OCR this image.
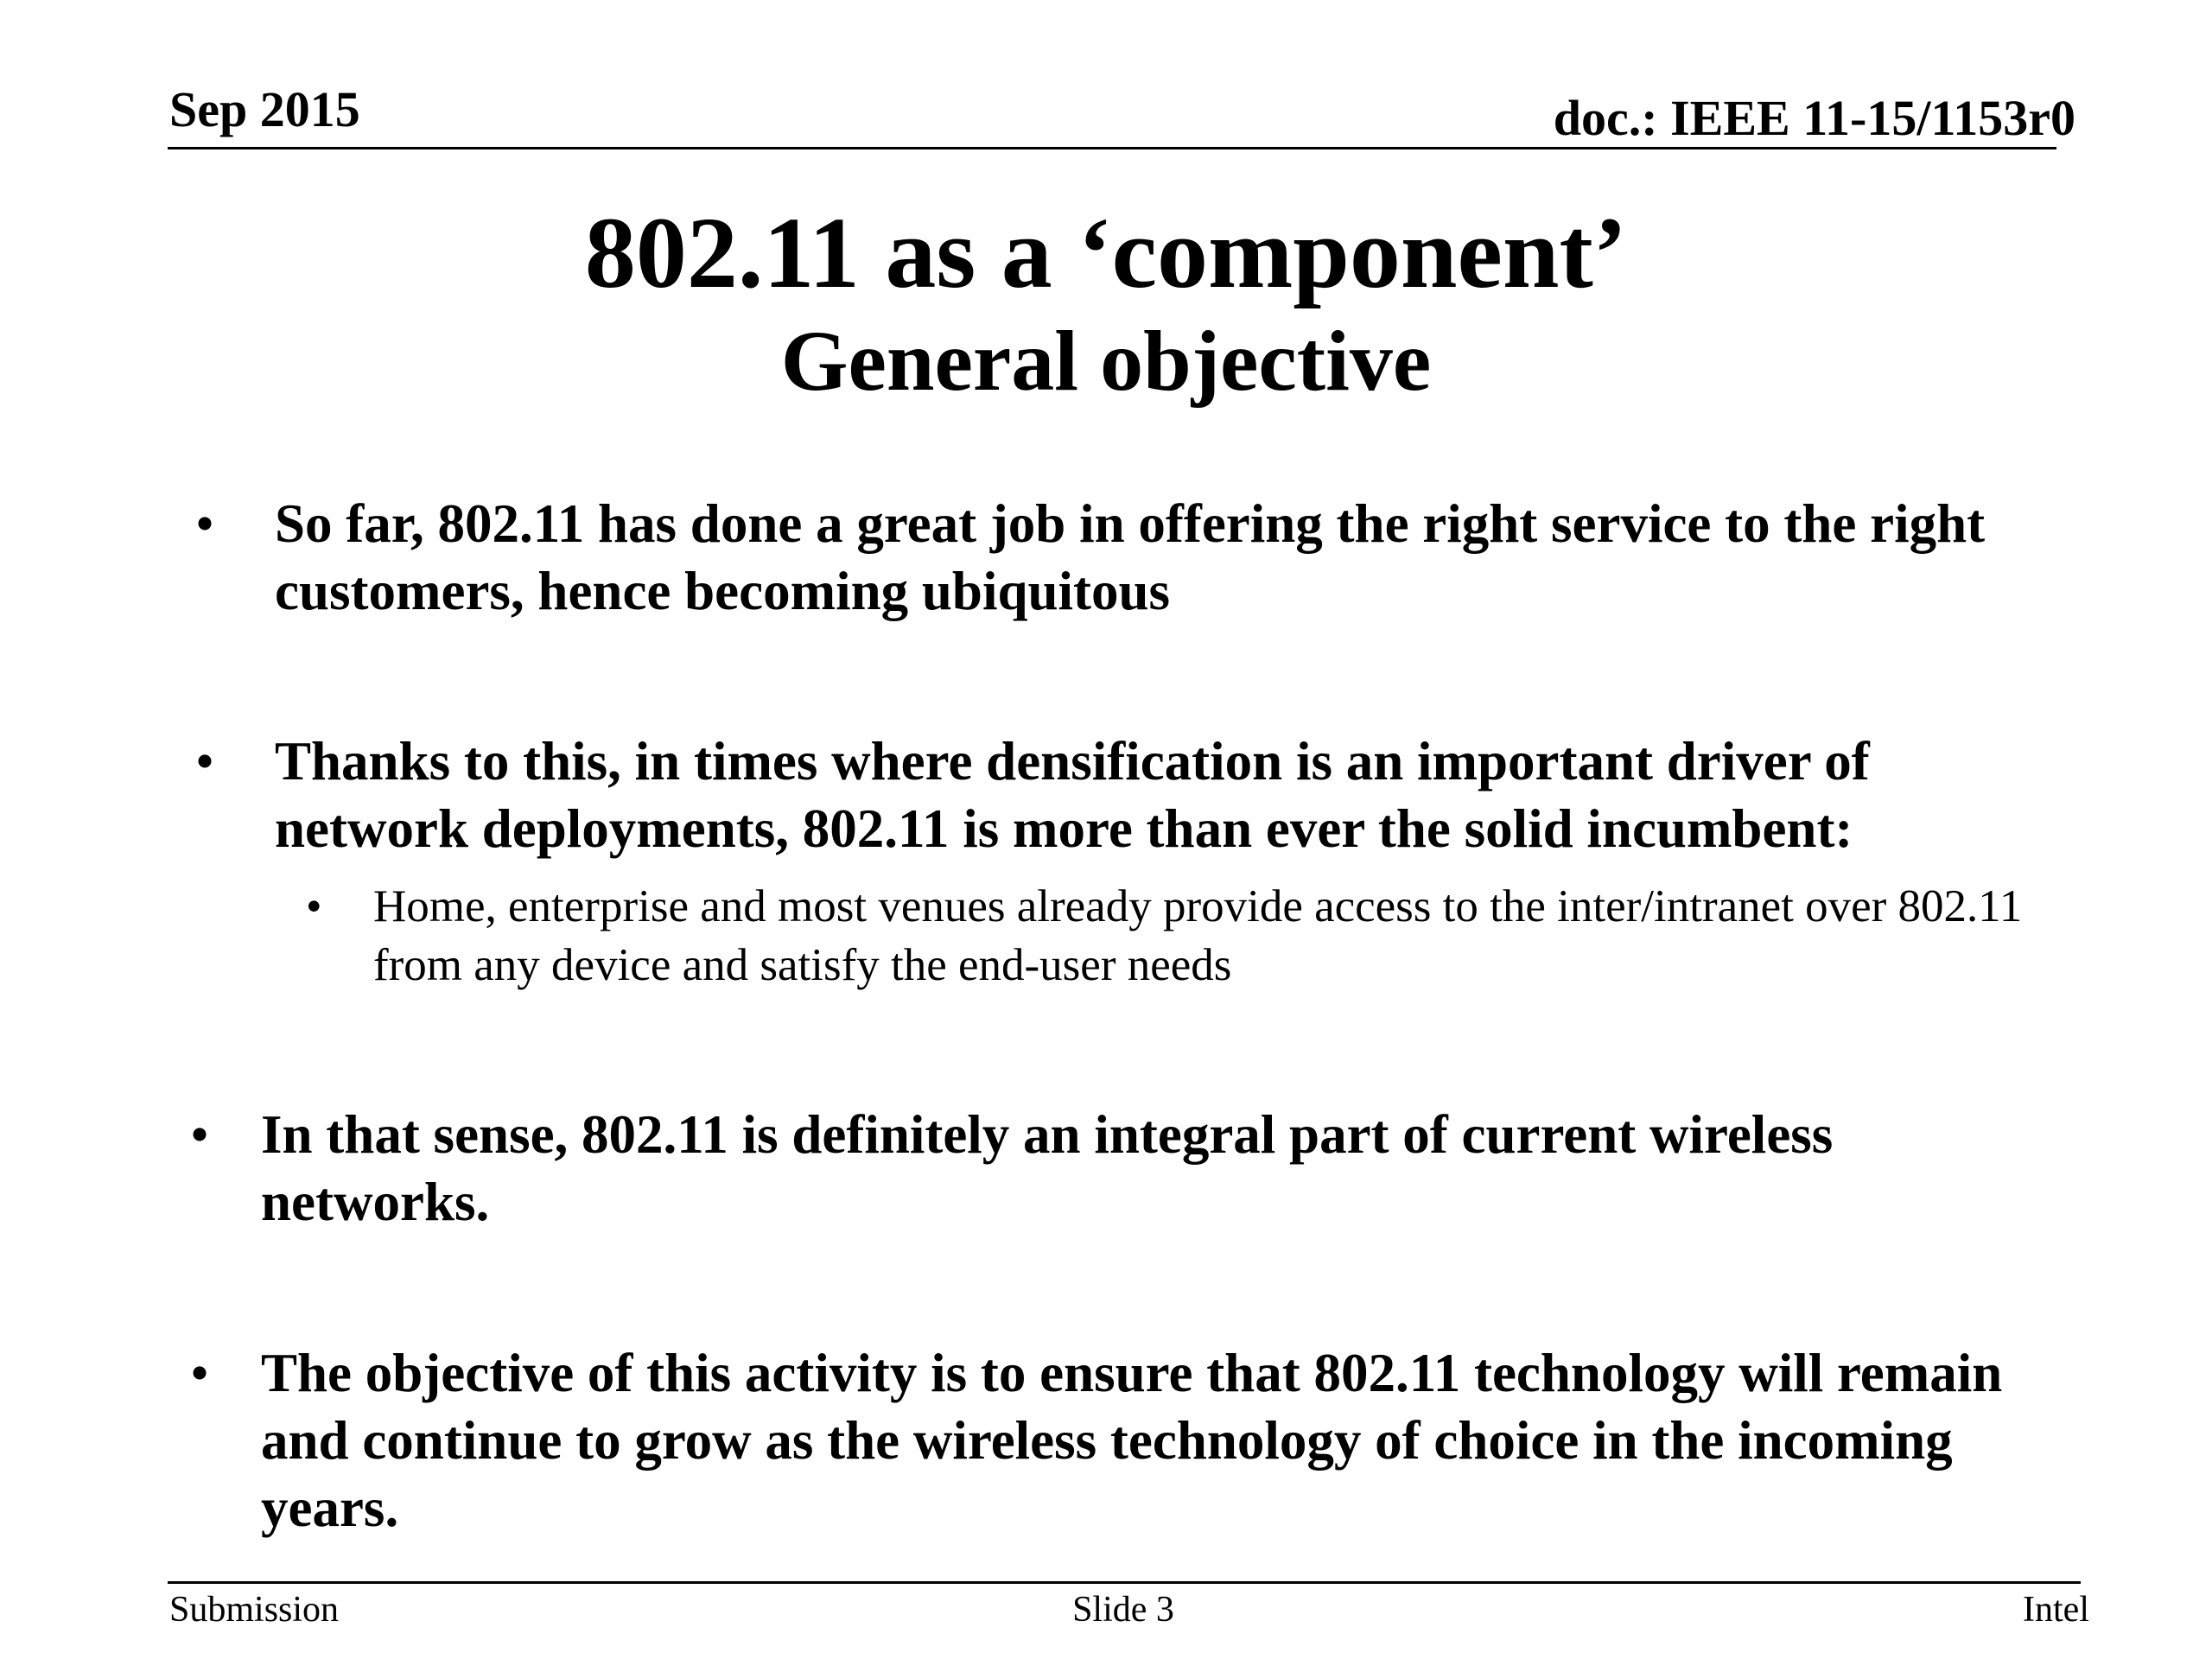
Sep 2015	doc.: IEEE 11-15/1153r0
802.11 as a ‘component’
General objective
• So far, 802.11 has done a great job in offering the right service to the right customers, hence becoming ubiquitous
• Thanks to this, in times where densification is an important driver of network deployments, 802.11 is more than ever the solid incumbent:
• Home, enterprise and most venues already provide access to the inter/intranet over 802.11 from any device and satisfy the end-user needs
• In that sense, 802.11 is definitely an integral part of current wireless networks.
• The objective of this activity is to ensure that 802.11 technology will remain and continue to grow as the wireless technology of choice in the incoming years.
Submission	Slide 3	Intel
